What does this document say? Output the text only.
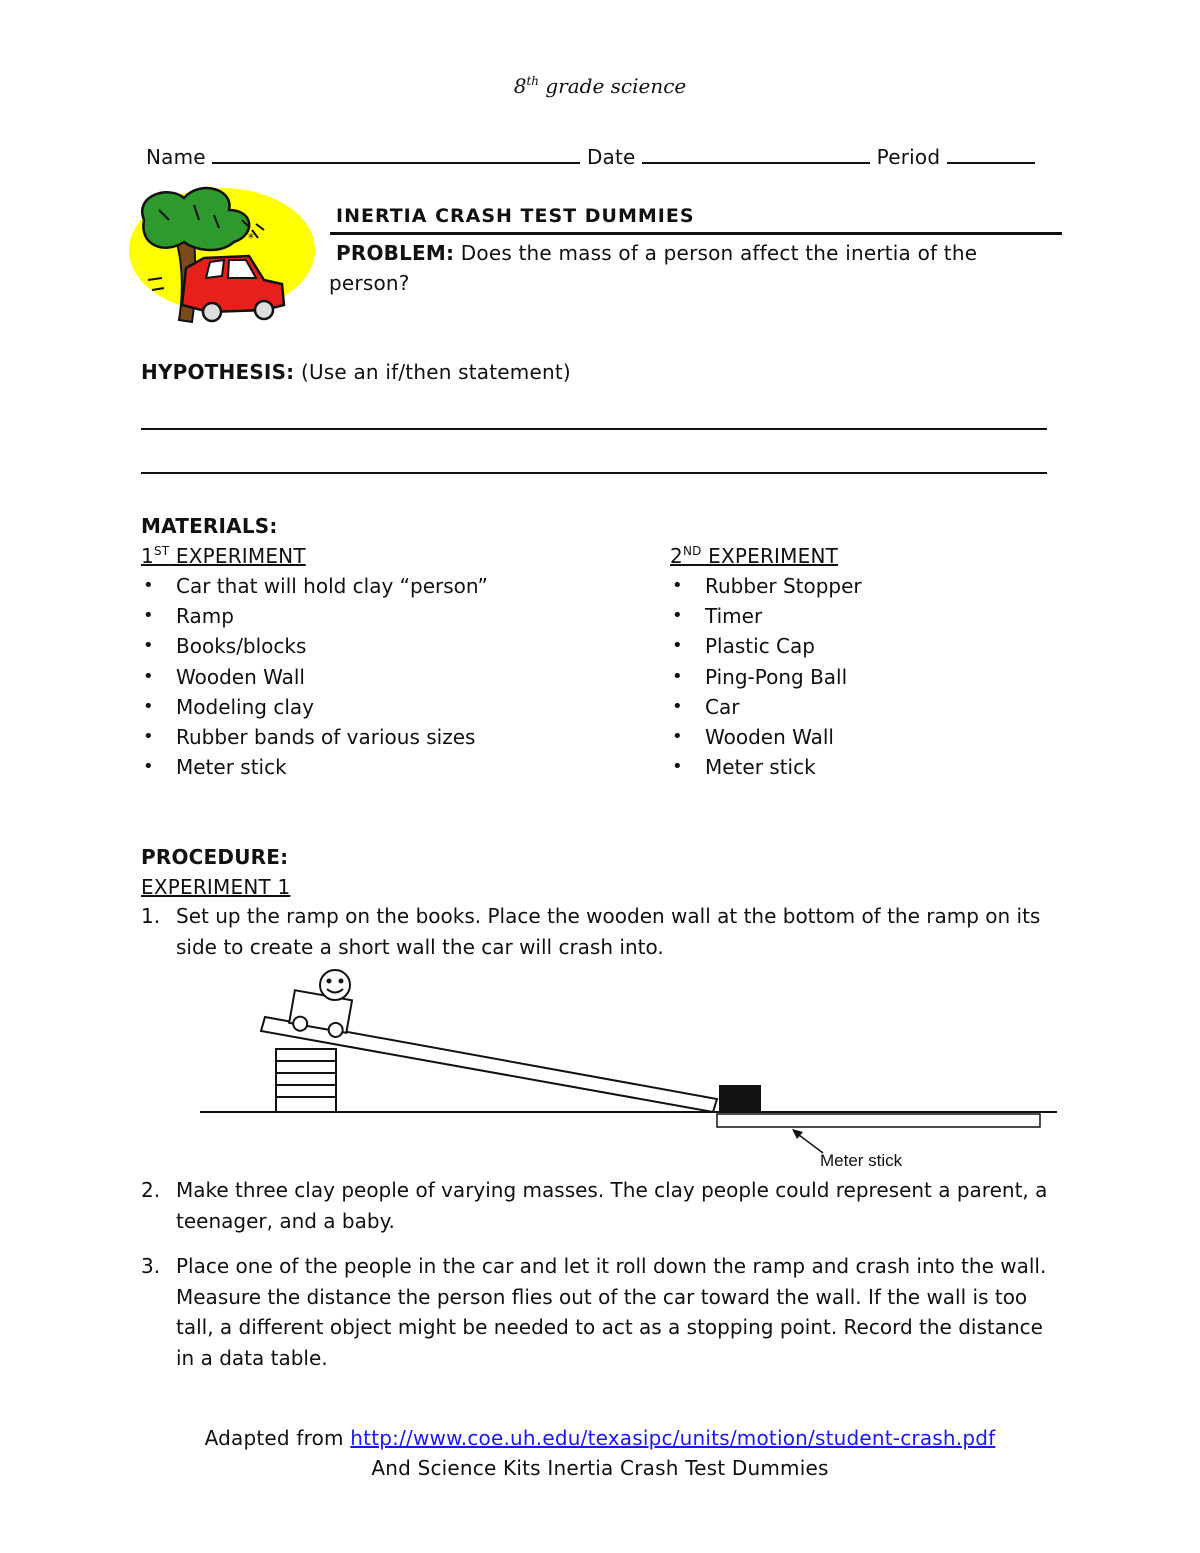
8th grade science
Name	Date	Period
*
INERTIA CRASH TEST DUMMIES
PROBLEM: Does the mass of a person affect the inertia of the
person?
HYPOTHESIS: (Use an if/then statement)
MATERIALS:
1ST EXPERIMENT
• Car that will hold clay “person”
• Ramp
• Books/blocks
• Wooden Wall
• Modeling clay
• Rubber bands of various sizes
• Meter stick
2ND EXPERIMENT
• Rubber Stopper
• Timer
• Plastic Cap
• Ping-Pong Ball
• Car
• Wooden Wall
• Meter stick
PROCEDURE:
EXPERIMENT 1
1. Set up the ramp on the books. Place the wooden wall at the bottom of the ramp on its side to create a short wall the car will crash into.
Meter stick
2. Make three clay people of varying masses. The clay people could represent a parent, a teenager, and a baby.
3. Place one of the people in the car and let it roll down the ramp and crash into the wall. Measure the distance the person flies out of the car toward the wall. If the wall is too tall, a different object might be needed to act as a stopping point. Record the distance in a data table.
Adapted from http://www.coe.uh.edu/texasipc/units/motion/student-crash.pdf
And Science Kits Inertia Crash Test Dummies
